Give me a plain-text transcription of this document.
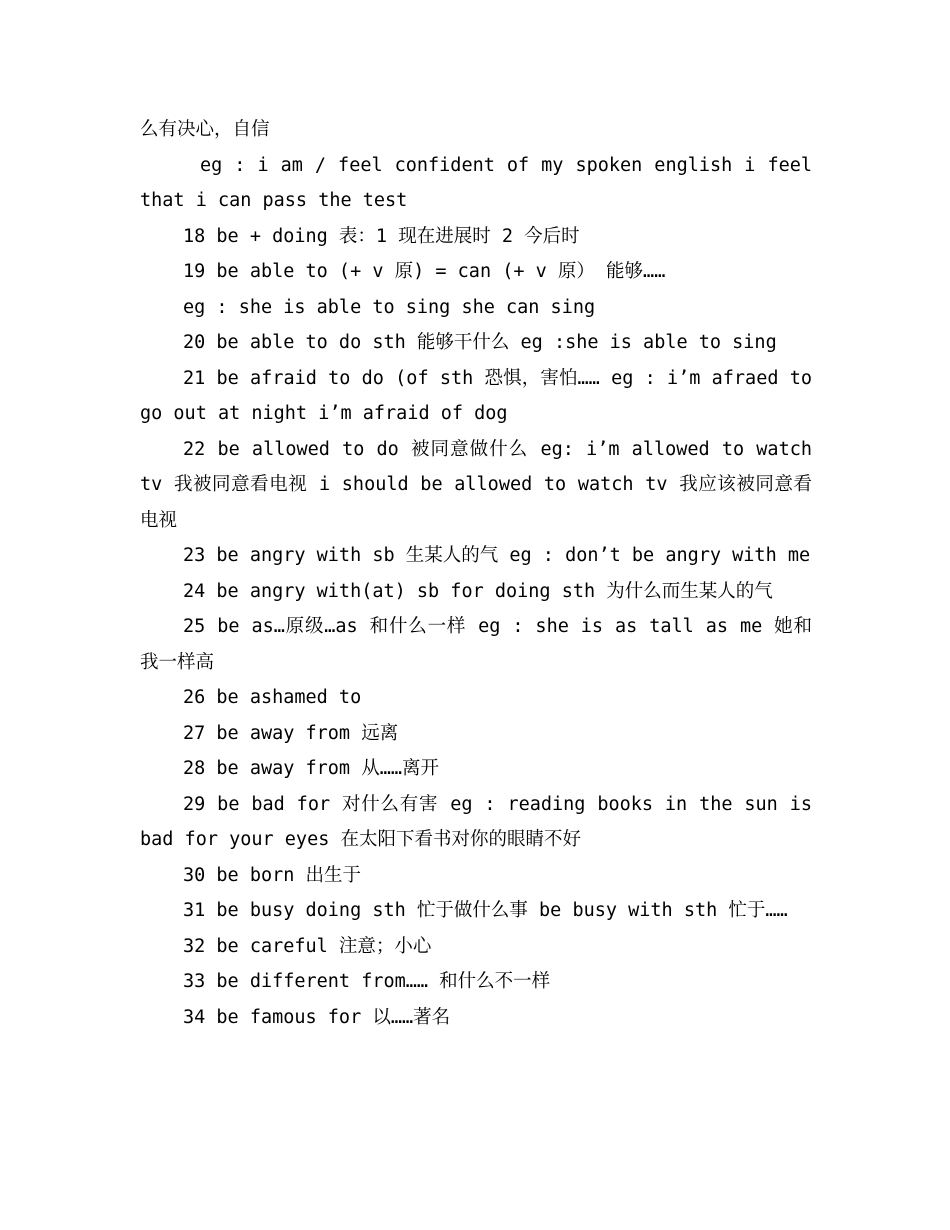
么有决心，自信

eg : i am / feel confident of my spoken english i feel that i can pass the test

18 be + doing 表：1 现在进展时 2 今后时

19 be able to (+ v 原) = can (+ v 原） 能够……

eg : she is able to sing she can sing

20 be able to do sth 能够干什么 eg :she is able to sing

21 be afraid to do (of sth 恐惧，害怕…… eg : i’m afraed to go out at night i’m afraid of dog

22 be allowed to do 被同意做什么 eg: i’m allowed to watch tv 我被同意看电视 i should be allowed to watch tv 我应该被同意看电视

23 be angry with sb 生某人的气 eg : don’t be angry with me

24 be angry with(at) sb for doing sth 为什么而生某人的气

25 be as…原级…as 和什么一样 eg : she is as tall as me 她和我一样高

26 be ashamed to

27 be away from 远离

28 be away from 从……离开

29 be bad for 对什么有害 eg : reading books in the sun is bad for your eyes 在太阳下看书对你的眼睛不好

30 be born 出生于

31 be busy doing sth 忙于做什么事 be busy with sth 忙于……

32 be careful 注意；小心

33 be different from…… 和什么不一样

34 be famous for 以……著名
